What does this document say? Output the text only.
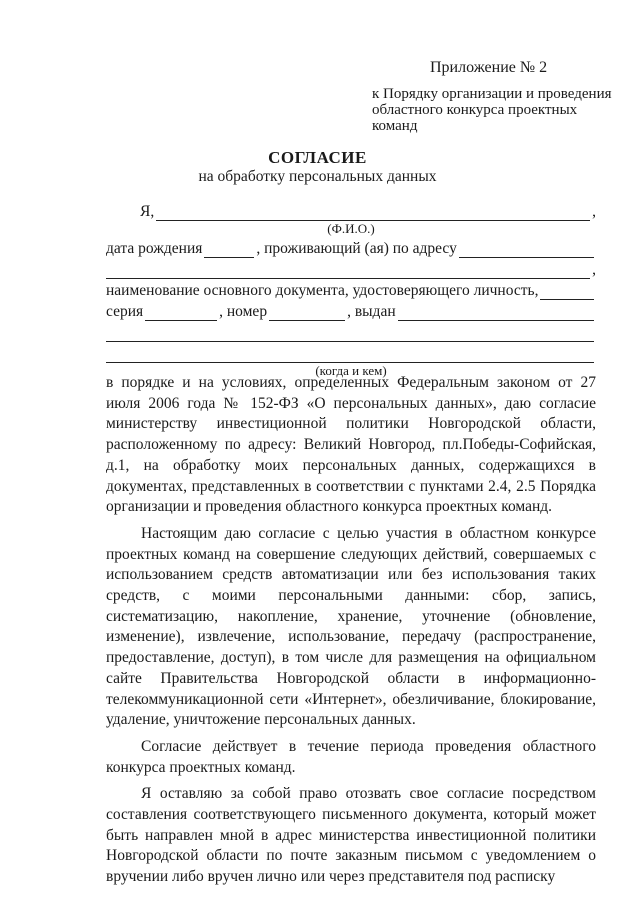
Приложение № 2
к Порядку организации и проведения областного конкурса проектных команд
СОГЛАСИЕ
на обработку персональных данных
Я,	,
(Ф.И.О.)
дата рождения	, проживающий (ая) по адресу
,
наименование основного документа, удостоверяющего личность,
серия	, номер	, выдан
(когда и кем)

в порядке и на условиях, определенных Федеральным законом от 27 июля 2006 года № 152-ФЗ «О персональных данных», даю согласие министерству инвестиционной политики Новгородской области, расположенному по адресу: Великий Новгород, пл.Победы-Софийская, д.1, на обработку моих персональных данных, содержащихся в документах, представленных в соответствии с пунктами 2.4, 2.5 Порядка организации и проведения областного конкурса проектных команд.

Настоящим даю согласие с целью участия в областном конкурсе проектных команд на совершение следующих действий, совершаемых с использованием средств автоматизации или без использования таких средств, с моими персональными данными: сбор, запись, систематизацию, накопление, хранение, уточнение (обновление, изменение), извлечение, использование, передачу (распространение, предоставление, доступ), в том числе для размещения на официальном сайте Правительства Новгородской области в информационно-телекоммуникационной сети «Интернет», обезличивание, блокирование, удаление, уничтожение персональных данных.

Согласие действует в течение периода проведения областного конкурса проектных команд.

Я оставляю за собой право отозвать свое согласие посредством составления соответствующего письменного документа, который может быть направлен мной в адрес министерства инвестиционной политики Новгородской области по почте заказным письмом с уведомлением о вручении либо вручен лично или через представителя под расписку
